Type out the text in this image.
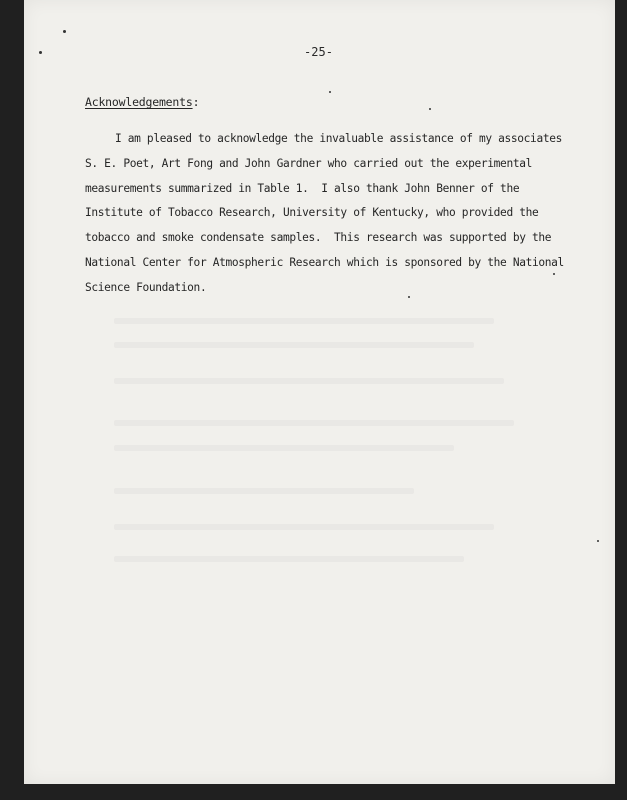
-25-
Acknowledgements:
I am pleased to acknowledge the invaluable assistance of my associates
S. E. Poet, Art Fong and John Gardner who carried out the experimental
measurements summarized in Table 1.  I also thank John Benner of the
Institute of Tobacco Research, University of Kentucky, who provided the
tobacco and smoke condensate samples.  This research was supported by the
National Center for Atmospheric Research which is sponsored by the National
Science Foundation.
